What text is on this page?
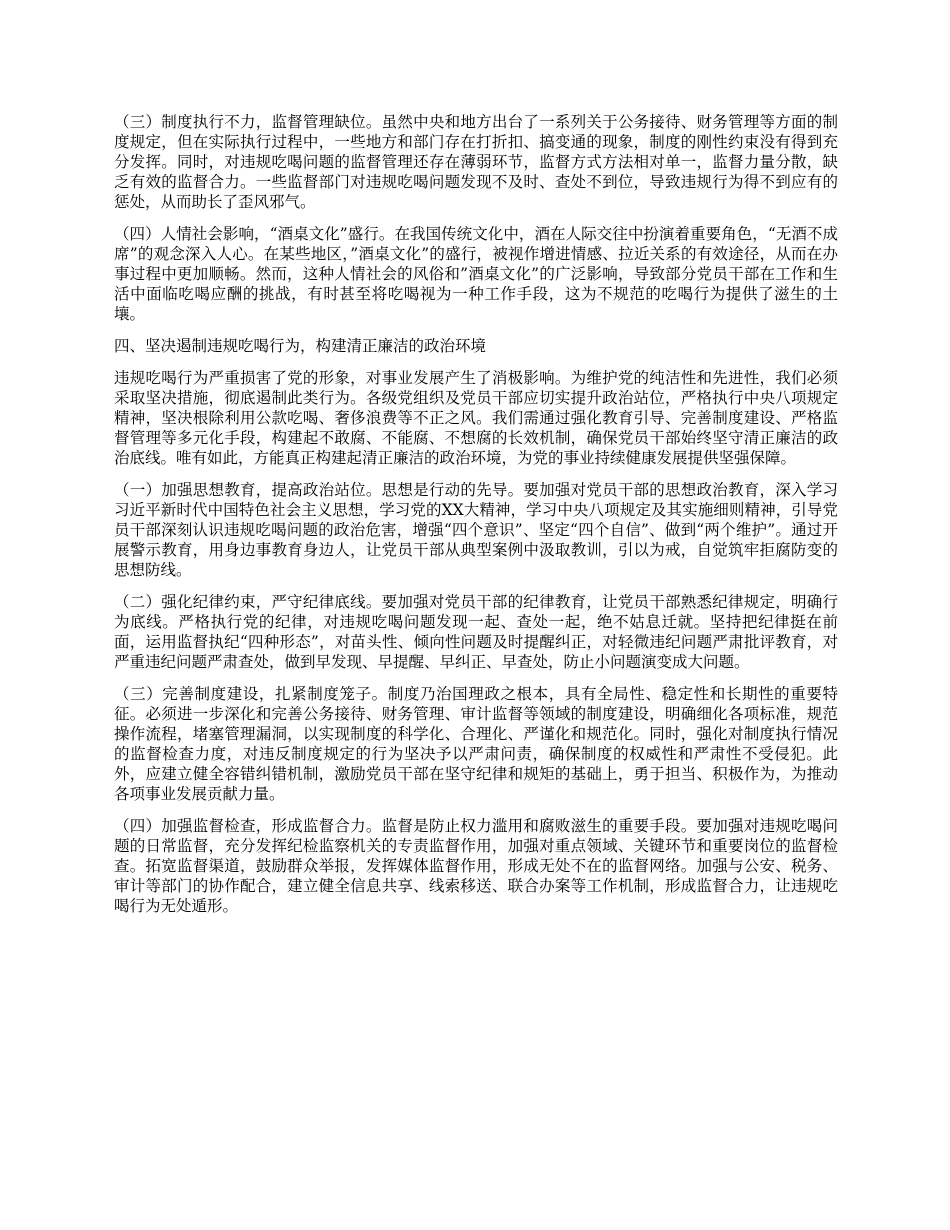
（三）制度执行不力，监督管理缺位。虽然中央和地方出台了一系列关于公务接待、财务管理等方面的制度规定，但在实际执行过程中，一些地方和部门存在打折扣、搞变通的现象，制度的刚性约束没有得到充分发挥。同时，对违规吃喝问题的监督管理还存在薄弱环节，监督方式方法相对单一，监督力量分散，缺乏有效的监督合力。一些监督部门对违规吃喝问题发现不及时、查处不到位，导致违规行为得不到应有的惩处，从而助长了歪风邪气。

（四）人情社会影响，“酒桌文化”盛行。在我国传统文化中，酒在人际交往中扮演着重要角色，“无酒不成席”的观念深入人心。在某些地区，”酒桌文化”的盛行，被视作增进情感、拉近关系的有效途径，从而在办事过程中更加顺畅。然而，这种人情社会的风俗和”酒桌文化”的广泛影响，导致部分党员干部在工作和生活中面临吃喝应酬的挑战，有时甚至将吃喝视为一种工作手段，这为不规范的吃喝行为提供了滋生的土壤。

四、坚决遏制违规吃喝行为，构建清正廉洁的政治环境

违规吃喝行为严重损害了党的形象，对事业发展产生了消极影响。为维护党的纯洁性和先进性，我们必须采取坚决措施，彻底遏制此类行为。各级党组织及党员干部应切实提升政治站位，严格执行中央八项规定精神，坚决根除利用公款吃喝、奢侈浪费等不正之风。我们需通过强化教育引导、完善制度建设、严格监督管理等多元化手段，构建起不敢腐、不能腐、不想腐的长效机制，确保党员干部始终坚守清正廉洁的政治底线。唯有如此，方能真正构建起清正廉洁的政治环境，为党的事业持续健康发展提供坚强保障。

（一）加强思想教育，提高政治站位。思想是行动的先导。要加强对党员干部的思想政治教育，深入学习习近平新时代中国特色社会主义思想，学习党的XX大精神，学习中央八项规定及其实施细则精神，引导党员干部深刻认识违规吃喝问题的政治危害，增强“四个意识”、坚定“四个自信”、做到“两个维护”。通过开展警示教育，用身边事教育身边人，让党员干部从典型案例中汲取教训，引以为戒，自觉筑牢拒腐防变的思想防线。

（二）强化纪律约束，严守纪律底线。要加强对党员干部的纪律教育，让党员干部熟悉纪律规定，明确行为底线。严格执行党的纪律，对违规吃喝问题发现一起、查处一起，绝不姑息迁就。坚持把纪律挺在前面，运用监督执纪“四种形态”，对苗头性、倾向性问题及时提醒纠正，对轻微违纪问题严肃批评教育，对严重违纪问题严肃查处，做到早发现、早提醒、早纠正、早查处，防止小问题演变成大问题。

（三）完善制度建设，扎紧制度笼子。制度乃治国理政之根本，具有全局性、稳定性和长期性的重要特征。必须进一步深化和完善公务接待、财务管理、审计监督等领域的制度建设，明确细化各项标准，规范操作流程，堵塞管理漏洞，以实现制度的科学化、合理化、严谨化和规范化。同时，强化对制度执行情况的监督检查力度，对违反制度规定的行为坚决予以严肃问责，确保制度的权威性和严肃性不受侵犯。此外，应建立健全容错纠错机制，激励党员干部在坚守纪律和规矩的基础上，勇于担当、积极作为，为推动各项事业发展贡献力量。

（四）加强监督检查，形成监督合力。监督是防止权力滥用和腐败滋生的重要手段。要加强对违规吃喝问题的日常监督，充分发挥纪检监察机关的专责监督作用，加强对重点领域、关键环节和重要岗位的监督检查。拓宽监督渠道，鼓励群众举报，发挥媒体监督作用，形成无处不在的监督网络。加强与公安、税务、审计等部门的协作配合，建立健全信息共享、线索移送、联合办案等工作机制，形成监督合力，让违规吃喝行为无处遁形。
